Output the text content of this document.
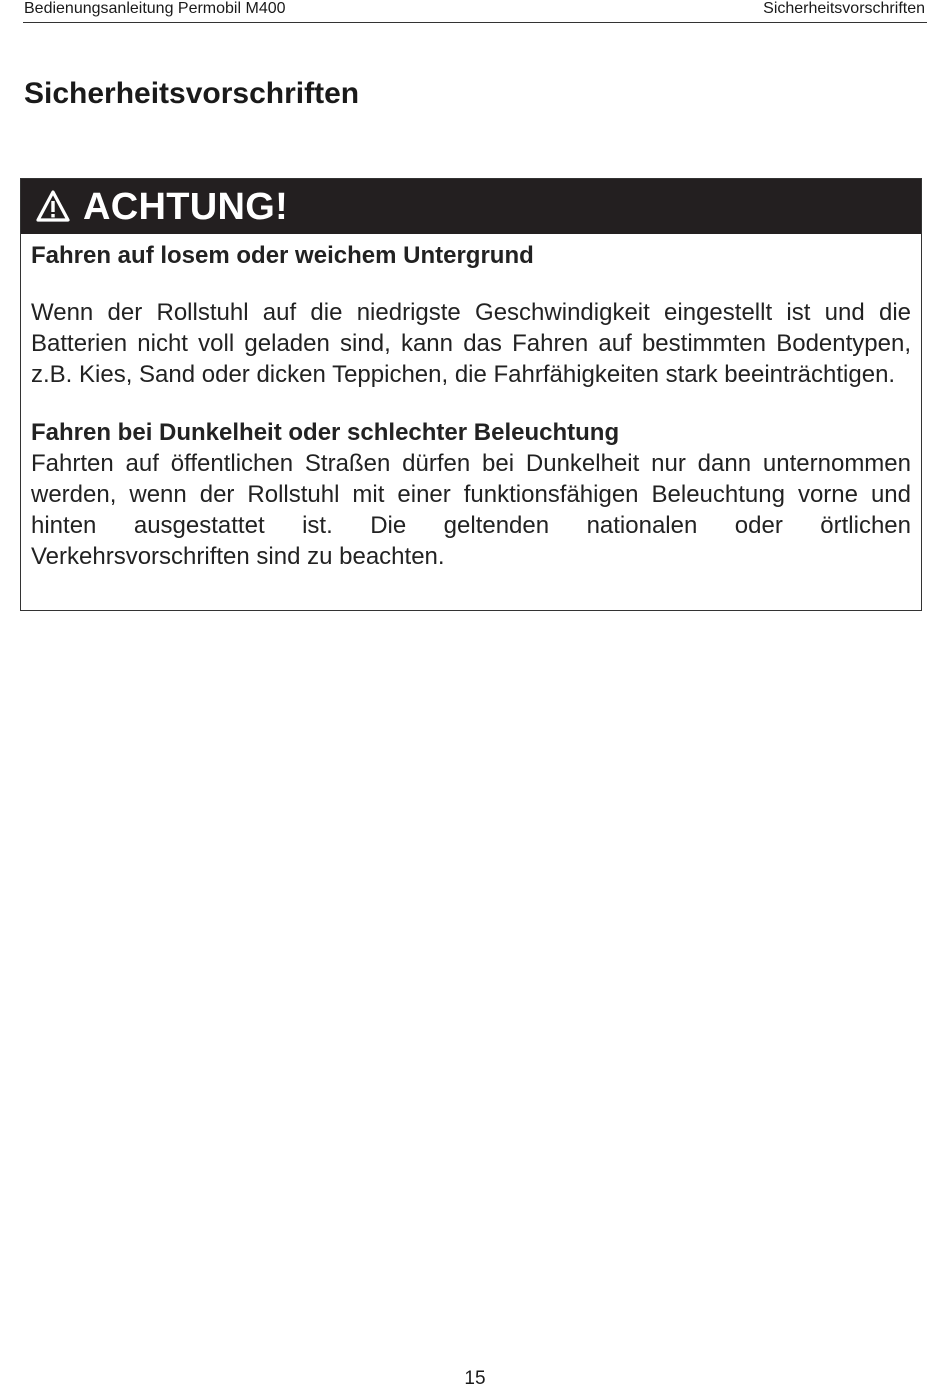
Bedienungsanleitung Permobil M400	Sicherheitsvorschriften
Sicherheitsvorschriften
ACHTUNG!

Fahren auf losem oder weichem Untergrund

Wenn der Rollstuhl auf die niedrigste Geschwindigkeit eingestellt ist und die Batterien nicht voll geladen sind, kann das Fahren auf bestimmten Bodentypen, z.B. Kies, Sand oder dicken Teppichen, die Fahrfähigkeiten stark beeinträchtigen.

Fahren bei Dunkelheit oder schlechter Beleuchtung

Fahrten auf öffentlichen Straßen dürfen bei Dunkelheit nur dann unternommen werden, wenn der Rollstuhl mit einer funktionsfähigen Beleuchtung vorne und hinten ausgestattet ist. Die geltenden nationalen oder örtlichen Verkehrsvorschriften sind zu beachten.

15
